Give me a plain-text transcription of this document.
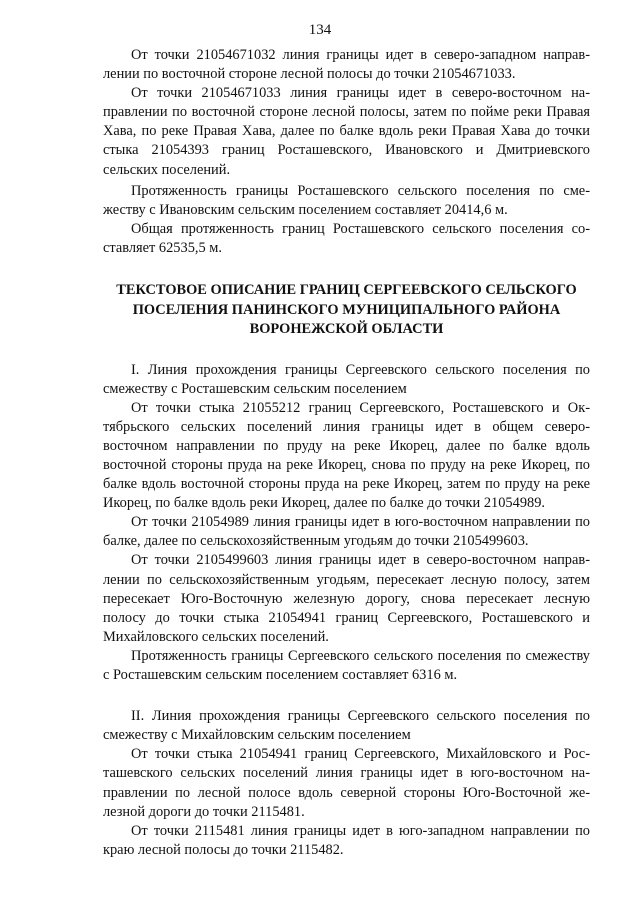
134

От точки 21054671032 линия границы идет в северо-западном направлении по восточной стороне лесной полосы до точки 21054671033.

От точки 21054671033 линия границы идет в северо-восточном направлении по восточной стороне лесной полосы, затем по пойме реки Правая Хава, по реке Правая Хава, далее по балке вдоль реки Правая Хава до точки стыка 21054393 границ Росташевского, Ивановского и Дмитриевского сельских поселений.

Протяженность границы Росташевского сельского поселения по смежеству с Ивановским сельским поселением составляет 20414,6 м.

Общая протяженность границ Росташевского сельского поселения составляет 62535,5 м.

ТЕКСТОВОЕ ОПИСАНИЕ ГРАНИЦ СЕРГЕЕВСКОГО СЕЛЬСКОГО
ПОСЕЛЕНИЯ ПАНИНСКОГО МУНИЦИПАЛЬНОГО РАЙОНА
ВОРОНЕЖСКОЙ ОБЛАСТИ

I. Линия прохождения границы Сергеевского сельского поселения по смежеству с Росташевским сельским поселением

От точки стыка 21055212 границ Сергеевского, Росташевского и Октябрьского сельских поселений линия границы идет в общем северо-восточном направлении по пруду на реке Икорец, далее по балке вдоль восточной стороны пруда на реке Икорец, снова по пруду на реке Икорец, по балке вдоль восточной стороны пруда на реке Икорец, затем по пруду на реке Икорец, по балке вдоль реки Икорец, далее по балке до точки 21054989.

От точки 21054989 линия границы идет в юго-восточном направлении по балке, далее по сельскохозяйственным угодьям до точки 2105499603.

От точки 2105499603 линия границы идет в северо-восточном направлении по сельскохозяйственным угодьям, пересекает лесную полосу, затем пересекает Юго-Восточную железную дорогу, снова пересекает лесную полосу до точки стыка 21054941 границ Сергеевского, Росташевского и Михайловского сельских поселений.

Протяженность границы Сергеевского сельского поселения по смежеству с Росташевским сельским поселением составляет 6316 м.

II. Линия прохождения границы Сергеевского сельского поселения по смежеству с Михайловским сельским поселением

От точки стыка 21054941 границ Сергеевского, Михайловского и Росташевского сельских поселений линия границы идет в юго-восточном направлении по лесной полосе вдоль северной стороны Юго-Восточной железной дороги до точки 2115481.

От точки 2115481 линия границы идет в юго-западном направлении по краю лесной полосы до точки 2115482.
